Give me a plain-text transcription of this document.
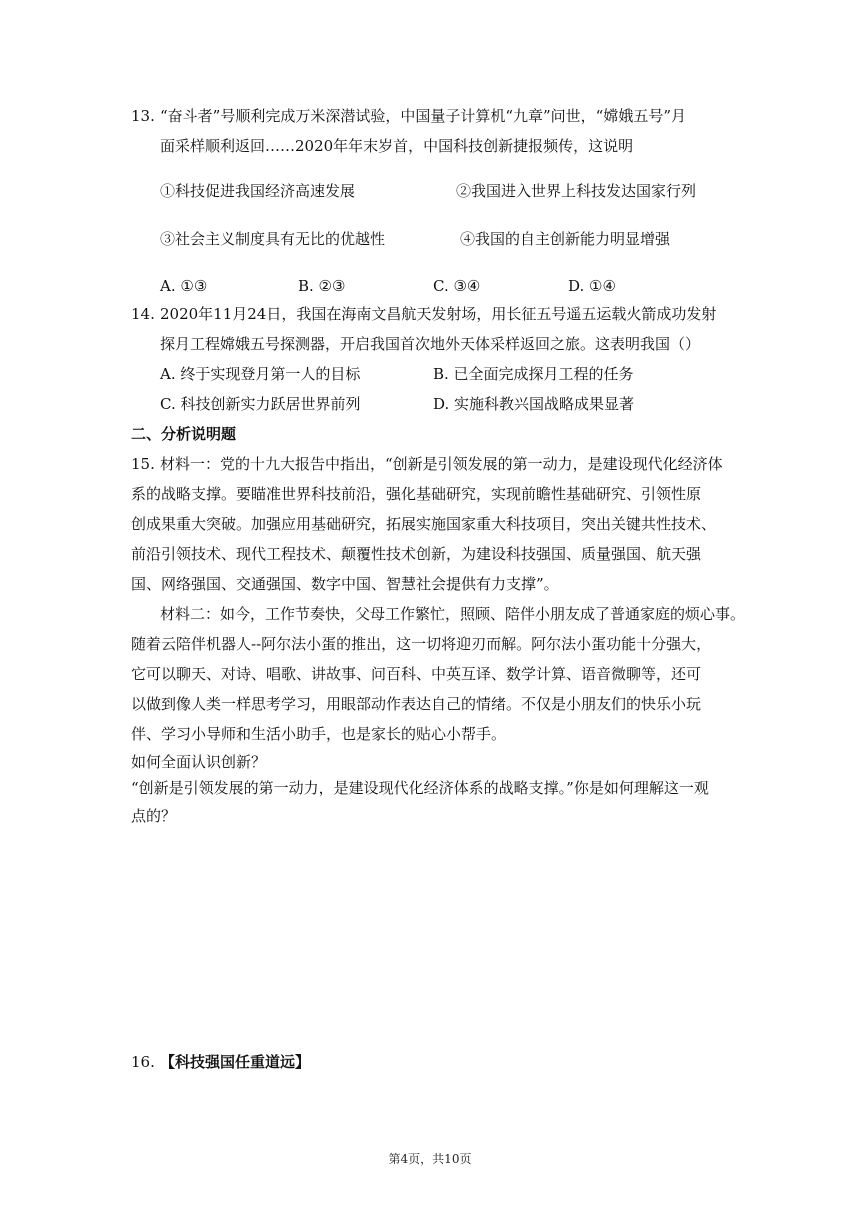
13. “奋斗者”号顺利完成万米深潜试验，中国量子计算机“九章”问世，“嫦娥五号”月
面采样顺利返回……2020年年末岁首，中国科技创新捷报频传，这说明
①科技促进我国经济高速发展	②我国进入世界上科技发达国家行列
③社会主义制度具有无比的优越性	④我国的自主创新能力明显增强
A. ①③	B. ②③	C. ③④	D. ①④
14. 2020年11月24日，我国在海南文昌航天发射场，用长征五号遥五运载火箭成功发射
探月工程嫦娥五号探测器，开启我国首次地外天体采样返回之旅。这表明我国（）
A. 终于实现登月第一人的目标	B. 已全面完成探月工程的任务
C. 科技创新实力跃居世界前列	D. 实施科教兴国战略成果显著
二、分析说明题
15. 材料一：党的十九大报告中指出，“创新是引领发展的第一动力，是建设现代化经济体
系的战略支撑。要瞄准世界科技前沿，强化基础研究，实现前瞻性基础研究、引领性原
创成果重大突破。加强应用基础研究，拓展实施国家重大科技项目，突出关键共性技术、
前沿引领技术、现代工程技术、颠覆性技术创新，为建设科技强国、质量强国、航天强
国、网络强国、交通强国、数字中国、智慧社会提供有力支撑”。
材料二：如今，工作节奏快，父母工作繁忙，照顾、陪伴小朋友成了普通家庭的烦心事。
随着云陪伴机器人--阿尔法小蛋的推出，这一切将迎刃而解。阿尔法小蛋功能十分强大，
它可以聊天、对诗、唱歌、讲故事、问百科、中英互译、数学计算、语音微聊等，还可
以做到像人类一样思考学习，用眼部动作表达自己的情绪。不仅是小朋友们的快乐小玩
伴、学习小导师和生活小助手，也是家长的贴心小帮手。
如何全面认识创新？
“创新是引领发展的第一动力，是建设现代化经济体系的战略支撑。”你是如何理解这一观
点的？
16. 【科技强国任重道远】
第4页，共10页
